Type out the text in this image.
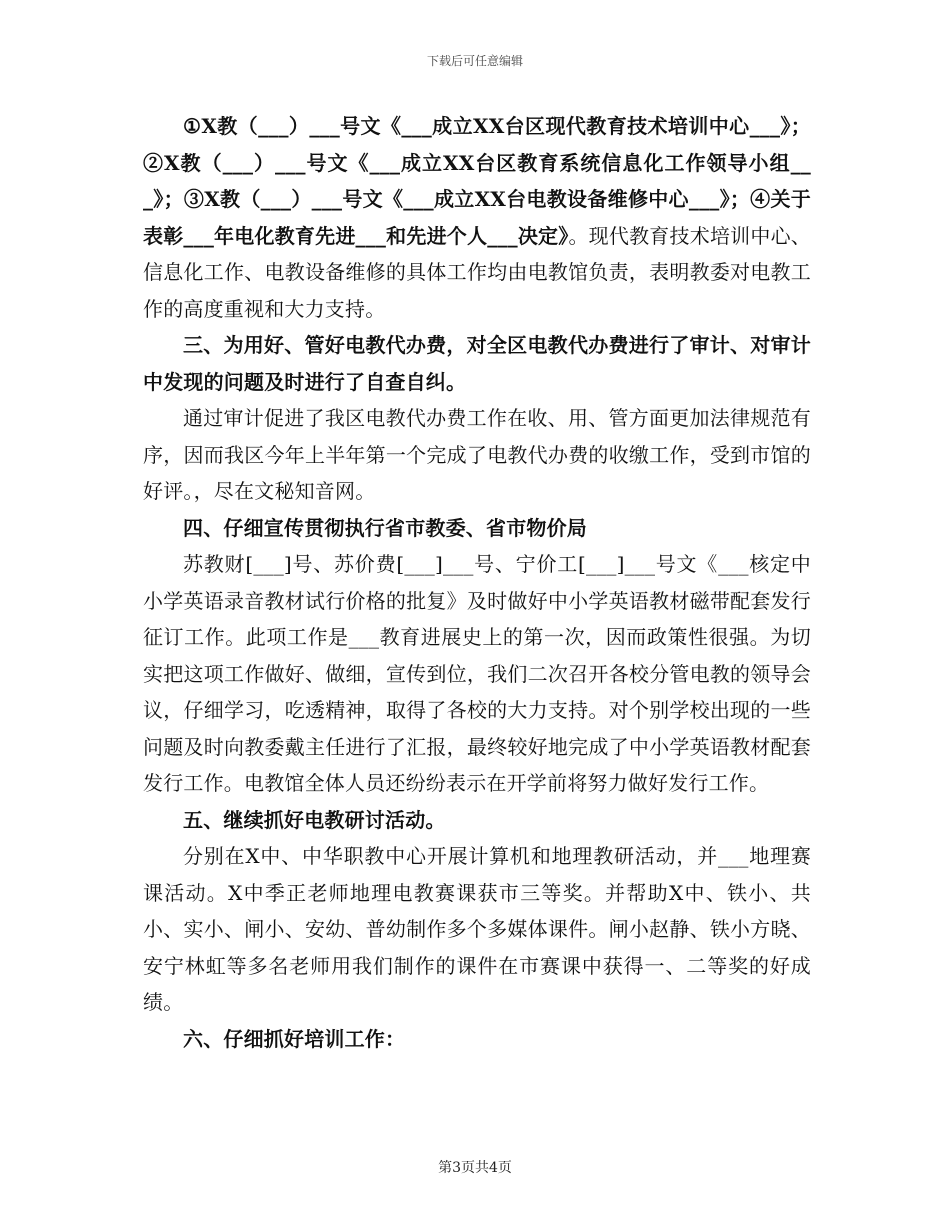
下载后可任意编辑

①X教（___）___号文《___成立XX台区现代教育技术培训中心___》；②X教（___）___号文《___成立XX台区教育系统信息化工作领导小组___》；③X教（___）___号文《___成立XX台电教设备维修中心___》；④关于表彰___年电化教育先进___和先进个人___决定》。现代教育技术培训中心、信息化工作、电教设备维修的具体工作均由电教馆负责，表明教委对电教工作的高度重视和大力支持。

三、为用好、管好电教代办费，对全区电教代办费进行了审计、对审计中发现的问题及时进行了自查自纠。

通过审计促进了我区电教代办费工作在收、用、管方面更加法律规范有序，因而我区今年上半年第一个完成了电教代办费的收缴工作，受到市馆的好评。，尽在文秘知音网。

四、仔细宣传贯彻执行省市教委、省市物价局

苏教财[___]号、苏价费[___]___号、宁价工[___]___号文《___核定中小学英语录音教材试行价格的批复》及时做好中小学英语教材磁带配套发行征订工作。此项工作是___教育进展史上的第一次，因而政策性很强。为切实把这项工作做好、做细，宣传到位，我们二次召开各校分管电教的领导会议，仔细学习，吃透精神，取得了各校的大力支持。对个别学校出现的一些问题及时向教委戴主任进行了汇报，最终较好地完成了中小学英语教材配套发行工作。电教馆全体人员还纷纷表示在开学前将努力做好发行工作。

五、继续抓好电教研讨活动。

分别在X中、中华职教中心开展计算机和地理教研活动，并___地理赛课活动。X中季正老师地理电教赛课获市三等奖。并帮助X中、铁小、共小、实小、闸小、安幼、普幼制作多个多媒体课件。闸小赵静、铁小方晓、安宁林虹等多名老师用我们制作的课件在市赛课中获得一、二等奖的好成绩。

六、仔细抓好培训工作：

第3页共4页
